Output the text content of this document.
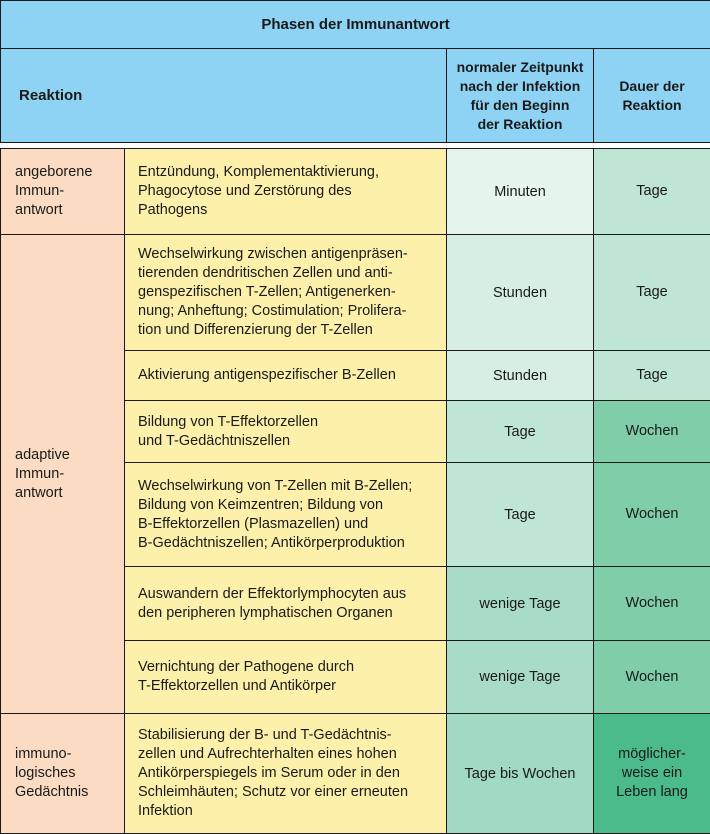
Phasen der Immunantwort			
Reaktion		normaler Zeitpunkt
nach der Infektion
für den Beginn
der Reaktion	Dauer der
Reaktion

angeborene
Immun-
antwort	Entzündung, Komplementaktivierung,
Phagocytose und Zerstörung des
Pathogens	Minuten	Tage
adaptive
Immun-
antwort	Wechselwirkung zwischen antigenpräsen-
tierenden dendritischen Zellen und anti-
genspezifischen T-Zellen; Antigenerken-
nung; Anheftung; Costimulation; Prolifera-
tion und Differenzierung der T-Zellen	Stunden	Tage
	Aktivierung antigenspezifischer B-Zellen	Stunden	Tage
	Bildung von T-Effektorzellen
und T-Gedächtniszellen	Tage	Wochen
	Wechselwirkung von T-Zellen mit B-Zellen;
Bildung von Keimzentren; Bildung von
B-Effektorzellen (Plasmazellen) und
B-Gedächtniszellen; Antikörperproduktion	Tage	Wochen
	Auswandern der Effektorlymphocyten aus
den peripheren lymphatischen Organen	wenige Tage	Wochen
	Vernichtung der Pathogene durch
T-Effektorzellen und Antikörper	wenige Tage	Wochen
immuno-
logisches
Gedächtnis	Stabilisierung der B- und T-Gedächtnis-
zellen und Aufrechterhalten eines hohen
Antikörperspiegels im Serum oder in den
Schleimhäuten; Schutz vor einer erneuten
Infektion	Tage bis Wochen	möglicher-
weise ein
Leben lang
